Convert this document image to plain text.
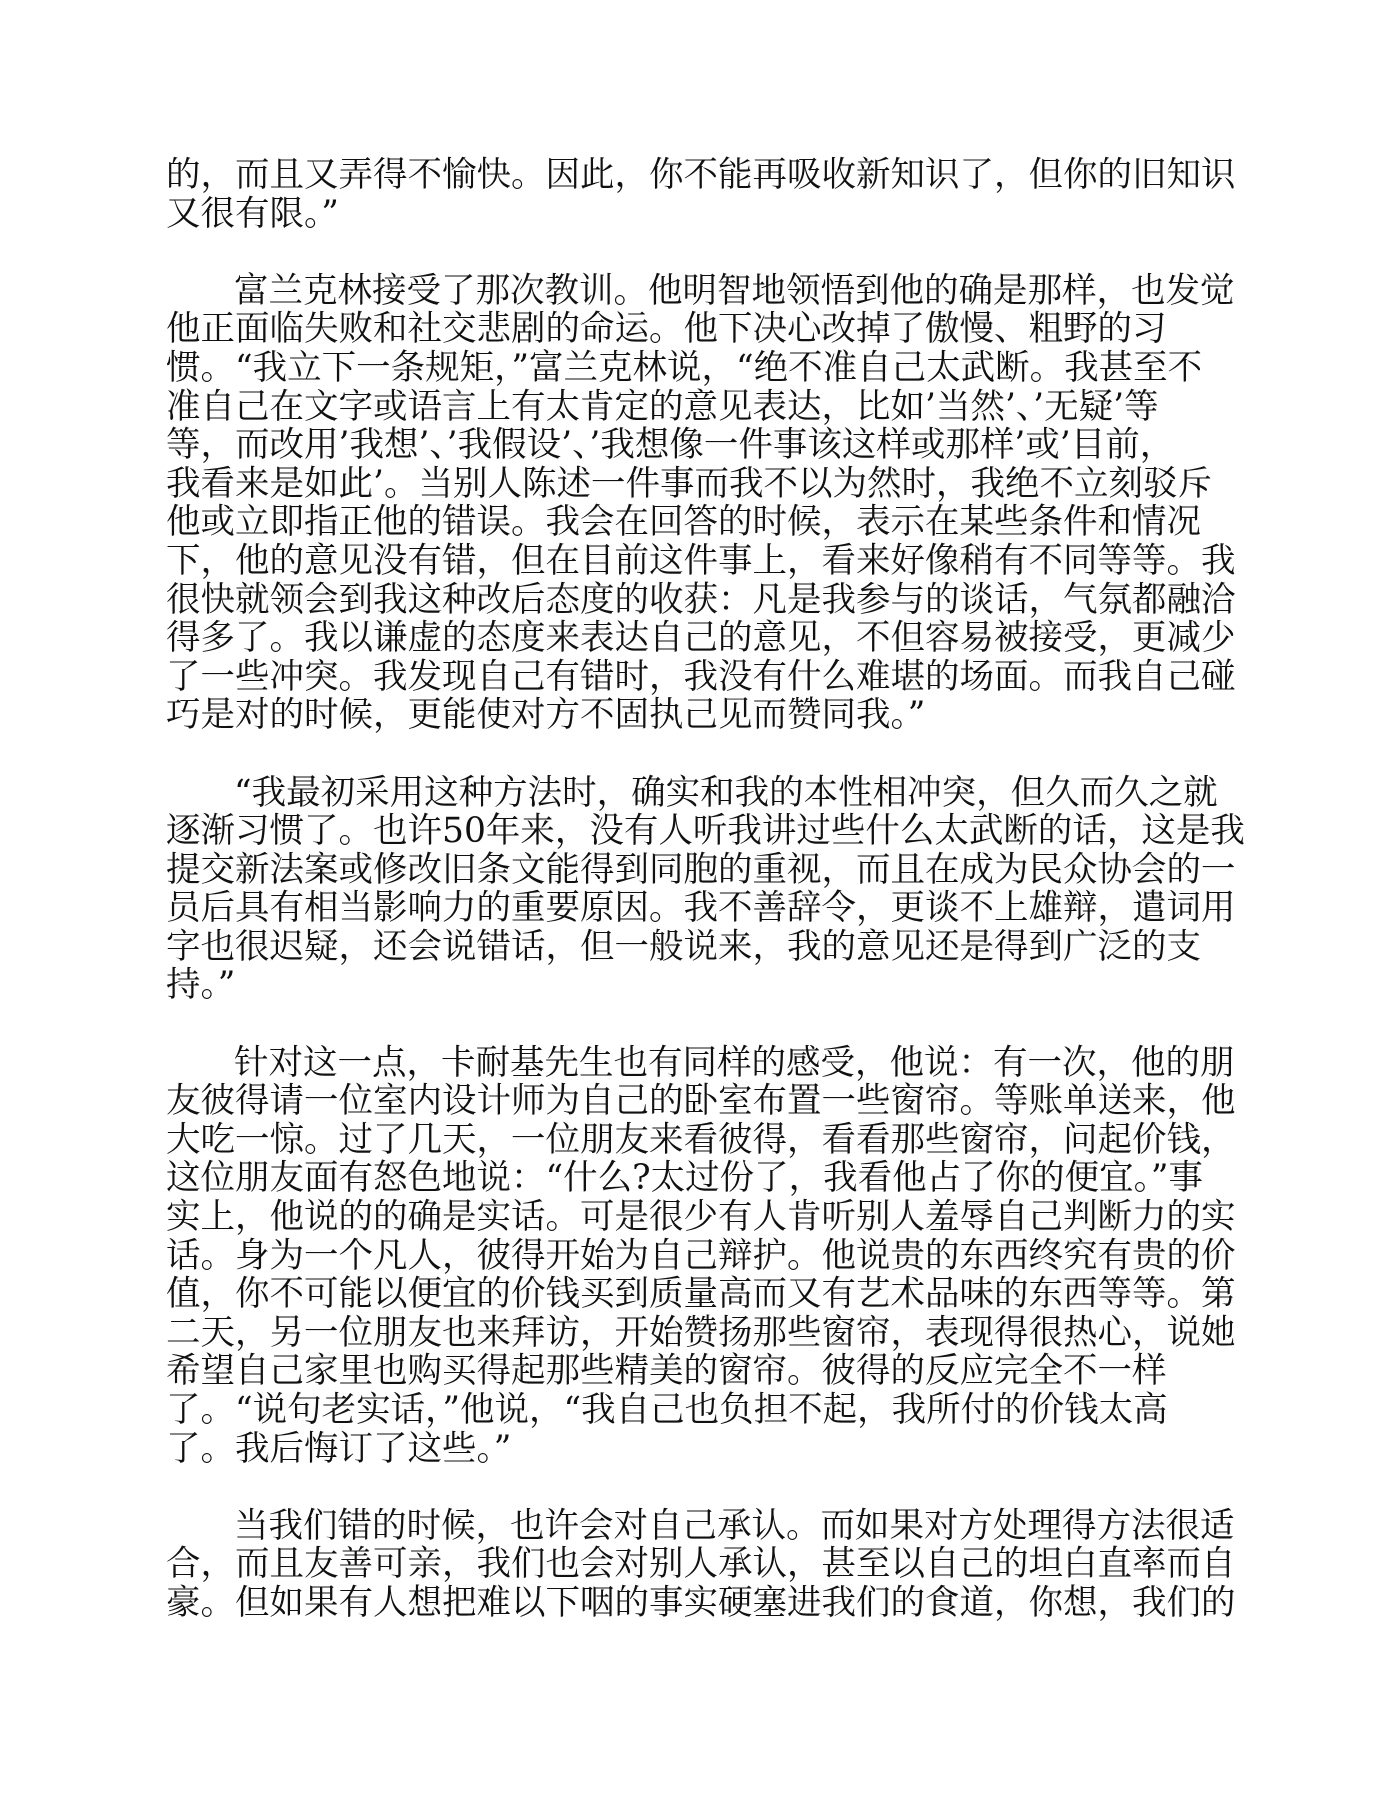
的，而且又弄得不愉快。因此，你不能再吸收新知识了，但你的旧知识
又很有限。”
富兰克林接受了那次教训。他明智地领悟到他的确是那样，也发觉
他正面临失败和社交悲剧的命运。他下决心改掉了傲慢、粗野的习
惯。“我立下一条规矩，”富兰克林说，“绝不准自己太武断。我甚至不
准自己在文字或语言上有太肯定的意见表达，比如’当然’、’无疑’等
等，而改用’我想’、’我假设’、’我想像一件事该这样或那样’或’目前，
我看来是如此’。当别人陈述一件事而我不以为然时，我绝不立刻驳斥
他或立即指正他的错误。我会在回答的时候，表示在某些条件和情况
下，他的意见没有错，但在目前这件事上，看来好像稍有不同等等。我
很快就领会到我这种改后态度的收获：凡是我参与的谈话，气氛都融洽
得多了。我以谦虚的态度来表达自己的意见，不但容易被接受，更减少
了一些冲突。我发现自己有错时，我没有什么难堪的场面。而我自己碰
巧是对的时候，更能使对方不固执己见而赞同我。”
“我最初采用这种方法时，确实和我的本性相冲突，但久而久之就
逐渐习惯了。也许50年来，没有人听我讲过些什么太武断的话，这是我
提交新法案或修改旧条文能得到同胞的重视，而且在成为民众协会的一
员后具有相当影响力的重要原因。我不善辞令，更谈不上雄辩，遣词用
字也很迟疑，还会说错话，但一般说来，我的意见还是得到广泛的支
持。”
针对这一点，卡耐基先生也有同样的感受，他说：有一次，他的朋
友彼得请一位室内设计师为自己的卧室布置一些窗帘。等账单送来，他
大吃一惊。过了几天，一位朋友来看彼得，看看那些窗帘，问起价钱，
这位朋友面有怒色地说：“什么?太过份了，我看他占了你的便宜。”事
实上，他说的的确是实话。可是很少有人肯听别人羞辱自己判断力的实
话。身为一个凡人，彼得开始为自己辩护。他说贵的东西终究有贵的价
值，你不可能以便宜的价钱买到质量高而又有艺术品味的东西等等。第
二天，另一位朋友也来拜访，开始赞扬那些窗帘，表现得很热心，说她
希望自己家里也购买得起那些精美的窗帘。彼得的反应完全不一样
了。“说句老实话，”他说，“我自己也负担不起，我所付的价钱太高
了。我后悔订了这些。”
当我们错的时候，也许会对自己承认。而如果对方处理得方法很适
合，而且友善可亲，我们也会对别人承认，甚至以自己的坦白直率而自
豪。但如果有人想把难以下咽的事实硬塞进我们的食道，你想，我们的
